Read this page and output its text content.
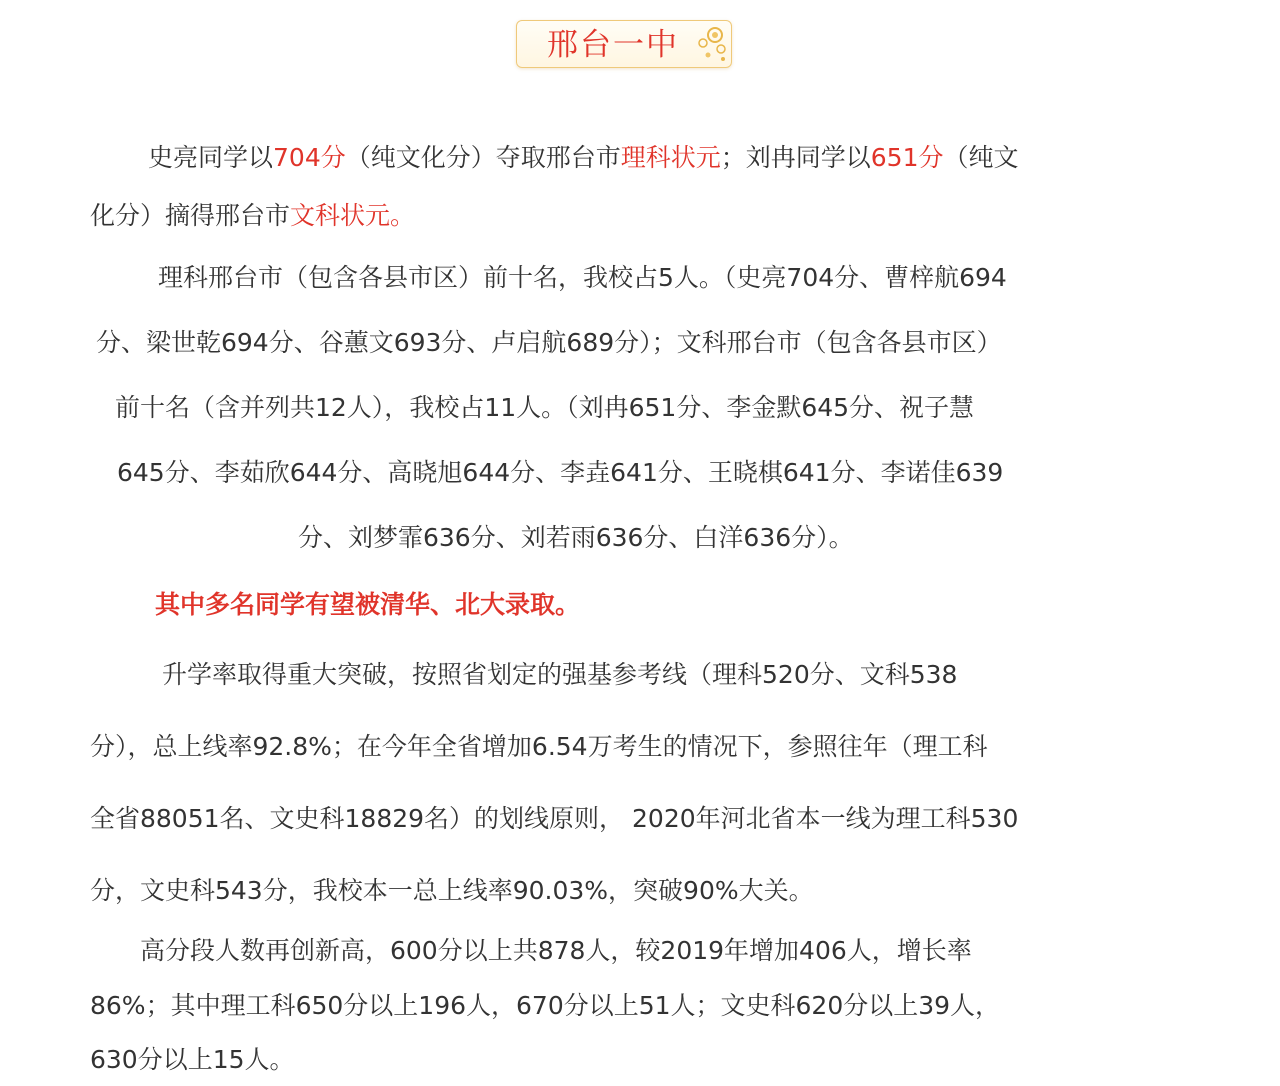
邢台一中

史亮同学以704分（纯文化分）夺取邢台市理科状元；刘冉同学以651分（纯文

化分）摘得邢台市文科状元。

理科邢台市（包含各县市区）前十名，我校占5人。（史亮704分、曹梓航694

分、梁世乾694分、谷蕙文693分、卢启航689分）；文科邢台市（包含各县市区）

前十名（含并列共12人），我校占11人。（刘冉651分、李金默645分、祝子慧

645分、李茹欣644分、高晓旭644分、李垚641分、王晓棋641分、李诺佳639

分、刘梦霏636分、刘若雨636分、白洋636分）。

其中多名同学有望被清华、北大录取。

升学率取得重大突破，按照省划定的强基参考线（理科520分、文科538

分），总上线率92.8%；在今年全省增加6.54万考生的情况下，参照往年（理工科

全省88051名、文史科18829名）的划线原则， 2020年河北省本一线为理工科530

分，文史科543分，我校本一总上线率90.03%，突破90%大关。

高分段人数再创新高，600分以上共878人，较2019年增加406人，增长率

86%；其中理工科650分以上196人，670分以上51人；文史科620分以上39人，

630分以上15人。
